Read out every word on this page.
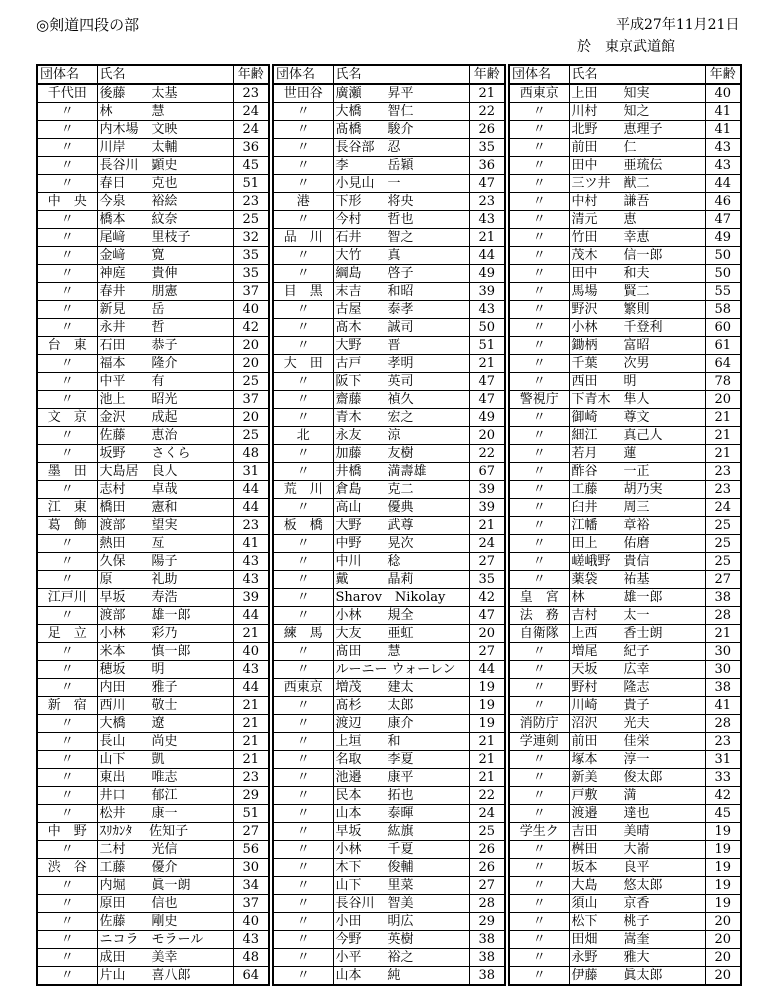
◎剣道四段の部	平成27年11月21日
於 東京武道館
団体名	氏名	年齢
千代田	後藤　　太基	23
〃	林　　　慧	24
〃	内木場　文映	24
〃	川岸　　太輔	36
〃	長谷川　顕史	45
〃	春日　　克也	51
中　央	今泉　　裕絵	23
〃	橋本　　紋奈	25
〃	尾﨑　　里枝子	32
〃	金﨑　　寛	35
〃	神庭　　貴伸	35
〃	春井　　朋憲	37
〃	新見　　岳	40
〃	永井　　哲	42
台　東	石田　　恭子	20
〃	福本　　隆介	20
〃	中平　　有	25
〃	池上　　昭光	37
文　京	金沢　　成起	20
〃	佐藤　　恵治	25
〃	坂野　　さくら	48
墨　田	大島居　良人	31
〃	志村　　卓哉	44
江　東	橋田　　憲和	44
葛　飾	渡部　　望実	23
〃	熱田　　亙	41
〃	久保　　陽子	43
〃	原　　　礼助	43
江戸川	早坂　　寿浩	39
〃	渡部　　雄一郎	44
足　立	小林　　彩乃	21
〃	米本　　慎一郎	40
〃	穂坂　　明	43
〃	内田　　雅子	44
新　宿	西川　　敬士	21
〃	大橋　　遼	21
〃	長山　　尚史	21
〃	山下　　凱	21
〃	東出　　唯志	23
〃	井口　　郁江	29
〃	松井　　康一	51
中　野	ｽﾘｶﾝﾀ　 佐知子	27
〃	二村　　光信	56
渋　谷	工藤　　優介	30
〃	内堀　　眞一朗	34
〃	原田　　信也	37
〃	佐藤　　剛史	40
〃	ニコラ　モラール	43
〃	成田　　美幸	48
〃	片山　　喜八郎	64
団体名	氏名	年齢
世田谷	廣瀬　　昇平	21
〃	大橋　　智仁	22
〃	髙橋　　駿介	26
〃	長谷部　忍	35
〃	李　　　岳穎	36
〃	小見山　一	47
港	下形　　将央	23
〃	今村　　哲也	43
品　川	石井　　智之	21
〃	大竹　　真	44
〃	綱島　　啓子	49
目　黒	末吉　　和昭	39
〃	古屋　　泰孝	43
〃	髙木　　誠司	50
〃	大野　　晋	51
大　田	古戸　　孝明	21
〃	阪下　　英司	47
〃	齋藤　　禎久	47
〃	青木　　宏之	49
北	永友　　涼	20
〃	加藤　　友樹	22
〃	井橋　　満壽雄	67
荒　川	倉島　　克二	39
〃	高山　　優典	39
板　橋	大野　　武尊	21
〃	中野　　晃次	24
〃	中川　　稔	27
〃	戴　　　晶莉	35
〃	Sharov　Nikolay	42
〃	小林　　規全	47
練　馬	大友　　亜虹	20
〃	髙田　　慧	27
〃	ルーニー ウォーレン	44
西東京	増茂　　建太	19
〃	髙杉　　太郎	19
〃	渡辺　　康介	19
〃	上垣　　和	21
〃	名取　　李夏	21
〃	池邉　　康平	21
〃	民本　　拓也	22
〃	山本　　泰暉	24
〃	早坂　　紘旗	25
〃	小林　　千夏	26
〃	木下　　俊輔	26
〃	山下　　里菜	27
〃	長谷川　智美	28
〃	小田　　明広	29
〃	今野　　英樹	38
〃	小平　　裕之	38
〃	山本　　純	38
団体名	氏名	年齢
西東京	上田　　知実	40
〃	川村　　知之	41
〃	北野　　恵理子	41
〃	前田　　仁	43
〃	田中　　亜琉伝	43
〃	三ツ井　猷二	44
〃	中村　　謙吾	46
〃	清元　　恵	47
〃	竹田　　幸恵	49
〃	茂木　　信一郎	50
〃	田中　　和夫	50
〃	馬場　　賢二	55
〃	野沢　　繁則	58
〃	小林　　千登利	60
〃	鋤柄　　富昭	61
〃	千葉　　次男	64
〃	西田　　明	78
警視庁	下青木　隼人	20
〃	御崎　　尊文	21
〃	細江　　真己人	21
〃	若月　　蓮	21
〃	酢谷　　一正	23
〃	工藤　　胡乃実	23
〃	臼井　　周三	24
〃	江幡　　章裕	25
〃	田上　　佑磨	25
〃	嵯峨野　貴信	25
〃	薬袋　　祐基	27
皇　宮	林　　　雄一郎	38
法　務	吉村　　太一	28
自衛隊	上西　　香士朗	21
〃	増尾　　紀子	30
〃	天坂　　広幸	30
〃	野村　　隆志	38
〃	川崎　　貴子	41
消防庁	沼沢　　光夫	28
学連剣	前田　　佳栄	23
〃	塚本　　淳一	31
〃	新美　　俊太郎	33
〃	戸敷　　満	42
〃	渡邉　　達也	45
学生ク	吉田　　美晴	19
〃	桝田　　大嵛	19
〃	坂本　　良平	19
〃	大島　　悠太郎	19
〃	須山　　京香	19
〃	松下　　桃子	20
〃	田畑　　嵩奎	20
〃	永野　　雅大	20
〃	伊藤　　眞太郎	20
